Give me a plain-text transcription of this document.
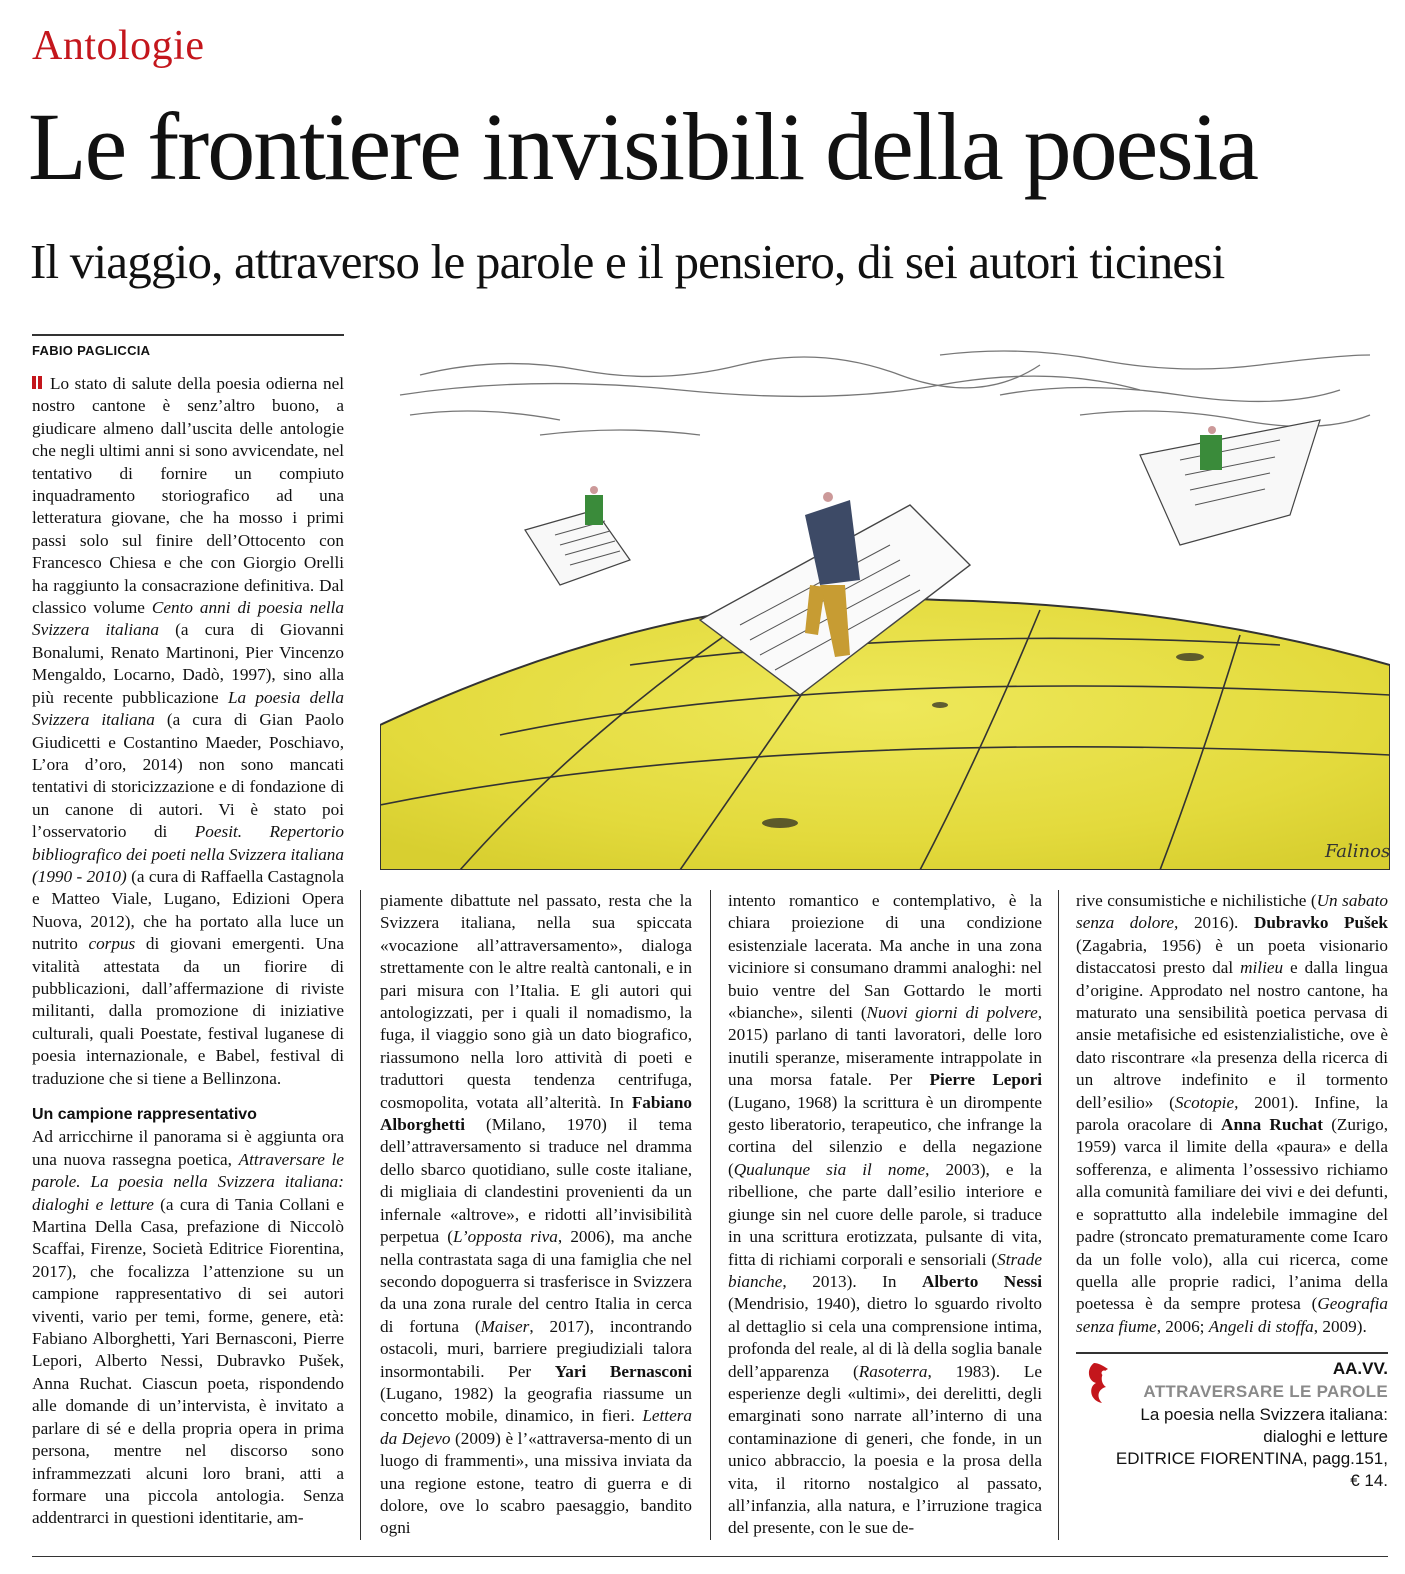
Antologie
Le frontiere invisibili della poesia
Il viaggio, attraverso le parole e il pensiero, di sei autori ticinesi
FABIO PAGLICCIA

Lo stato di salute della poesia odierna nel nostro cantone è senz’altro buono, a giudicare almeno dall’uscita delle antologie che negli ultimi anni si sono avvicendate, nel tentativo di fornire un compiuto inquadramento storiografico ad una letteratura giovane, che ha mosso i primi passi solo sul finire dell’Ottocento con Francesco Chiesa e che con Giorgio Orelli ha raggiunto la consacrazione definitiva. Dal classico volume Cento anni di poesia nella Svizzera italiana (a cura di Giovanni Bonalumi, Renato Martinoni, Pier Vincenzo Mengaldo, Locarno, Dadò, 1997), sino alla più recente pubblicazione La poesia della Svizzera italiana (a cura di Gian Paolo Giudicetti e Costantino Maeder, Poschiavo, L’ora d’oro, 2014) non sono mancati tentativi di storicizzazione e di fondazione di un canone di autori. Vi è stato poi l’osservatorio di Poesit. Repertorio bibliografico dei poeti nella Svizzera italiana (1990 - 2010) (a cura di Raffaella Castagnola e Matteo Viale, Lugano, Edizioni Opera Nuova, 2012), che ha portato alla luce un nutrito corpus di giovani emergenti. Una vitalità attestata da un fiorire di pubblicazioni, dall’affermazione di riviste militanti, dalla promozione di iniziative culturali, quali Poestate, festival luganese di poesia internazionale, e Babel, festival di traduzione che si tiene a Bellinzona.

Un campione rappresentativo

Ad arricchirne il panorama si è aggiunta ora una nuova rassegna poetica, Attraversare le parole. La poesia nella Svizzera italiana: dialoghi e letture (a cura di Tania Collani e Martina Della Casa, prefazione di Niccolò Scaffai, Firenze, Società Editrice Fiorentina, 2017), che focalizza l’attenzione su un campione rappresentativo di sei autori viventi, vario per temi, forme, genere, età: Fabiano Alborghetti, Yari Bernasconi, Pierre Lepori, Alberto Nessi, Dubravko Pušek, Anna Ruchat. Ciascun poeta, rispondendo alle domande di un’intervista, è invitato a parlare di sé e della propria opera in prima persona, mentre nel discorso sono inframmezzati alcuni loro brani, atti a formare una piccola antologia. Senza addentrarci in questioni identitarie, am-

Falinos

piamente dibattute nel passato, resta che la Svizzera italiana, nella sua spiccata «vocazione all’attraversamento», dialoga strettamente con le altre realtà cantonali, e in pari misura con l’Italia. E gli autori qui antologizzati, per i quali il nomadismo, la fuga, il viaggio sono già un dato biografico, riassumono nella loro attività di poeti e traduttori questa tendenza centrifuga, cosmopolita, votata all’alterità. In Fabiano Alborghetti (Milano, 1970) il tema dell’attraversamento si traduce nel dramma dello sbarco quotidiano, sulle coste italiane, di migliaia di clandestini provenienti da un infernale «altrove», e ridotti all’invisibilità perpetua (L’opposta riva, 2006), ma anche nella contrastata saga di una famiglia che nel secondo dopoguerra si trasferisce in Svizzera da una zona rurale del centro Italia in cerca di fortuna (Maiser, 2017), incontrando ostacoli, muri, barriere pregiudiziali talora insormontabili. Per Yari Bernasconi (Lugano, 1982) la geografia riassume un concetto mobile, dinamico, in fieri. Lettera da Dejevo (2009) è l’«attraversa-mento di un luogo di frammenti», una missiva inviata da una regione estone, teatro di guerra e di dolore, ove lo scabro paesaggio, bandito ogni

intento romantico e contemplativo, è la chiara proiezione di una condizione esistenziale lacerata. Ma anche in una zona viciniore si consumano drammi analoghi: nel buio ventre del San Gottardo le morti «bianche», silenti (Nuovi giorni di polvere, 2015) parlano di tanti lavoratori, delle loro inutili speranze, miseramente intrappolate in una morsa fatale. Per Pierre Lepori (Lugano, 1968) la scrittura è un dirompente gesto liberatorio, terapeutico, che infrange la cortina del silenzio e della negazione (Qualunque sia il nome, 2003), e la ribellione, che parte dall’esilio interiore e giunge sin nel cuore delle parole, si traduce in una scrittura erotizzata, pulsante di vita, fitta di richiami corporali e sensoriali (Strade bianche, 2013). In Alberto Nessi (Mendrisio, 1940), dietro lo sguardo rivolto al dettaglio si cela una comprensione intima, profonda del reale, al di là della soglia banale dell’apparenza (Rasoterra, 1983). Le esperienze degli «ultimi», dei derelitti, degli emarginati sono narrate all’interno di una contaminazione di generi, che fonde, in un unico abbraccio, la poesia e la prosa della vita, il ritorno nostalgico al passato, all’infanzia, alla natura, e l’irruzione tragica del presente, con le sue de-

rive consumistiche e nichilistiche (Un sabato senza dolore, 2016). Dubravko Pušek (Zagabria, 1956) è un poeta visionario distaccatosi presto dal milieu e dalla lingua d’origine. Approdato nel nostro cantone, ha maturato una sensibilità poetica pervasa di ansie metafisiche ed esistenzialistiche, ove è dato riscontrare «la presenza della ricerca di un altrove indefinito e il tormento dell’esilio» (Scotopie, 2001). Infine, la parola oracolare di Anna Ruchat (Zurigo, 1959) varca il limite della «paura» e della sofferenza, e alimenta l’ossessivo richiamo alla comunità familiare dei vivi e dei defunti, e soprattutto alla indelebile immagine del padre (stroncato prematuramente come Icaro da un folle volo), alla cui ricerca, come quella alle proprie radici, l’anima della poetessa è da sempre protesa (Geografia senza fiume, 2006; Angeli di stoffa, 2009).

AA.VV.
ATTRAVERSARE LE PAROLE
La poesia nella Svizzera italiana:
dialoghi e letture
EDITRICE FIORENTINA, pagg.151,
€ 14.
